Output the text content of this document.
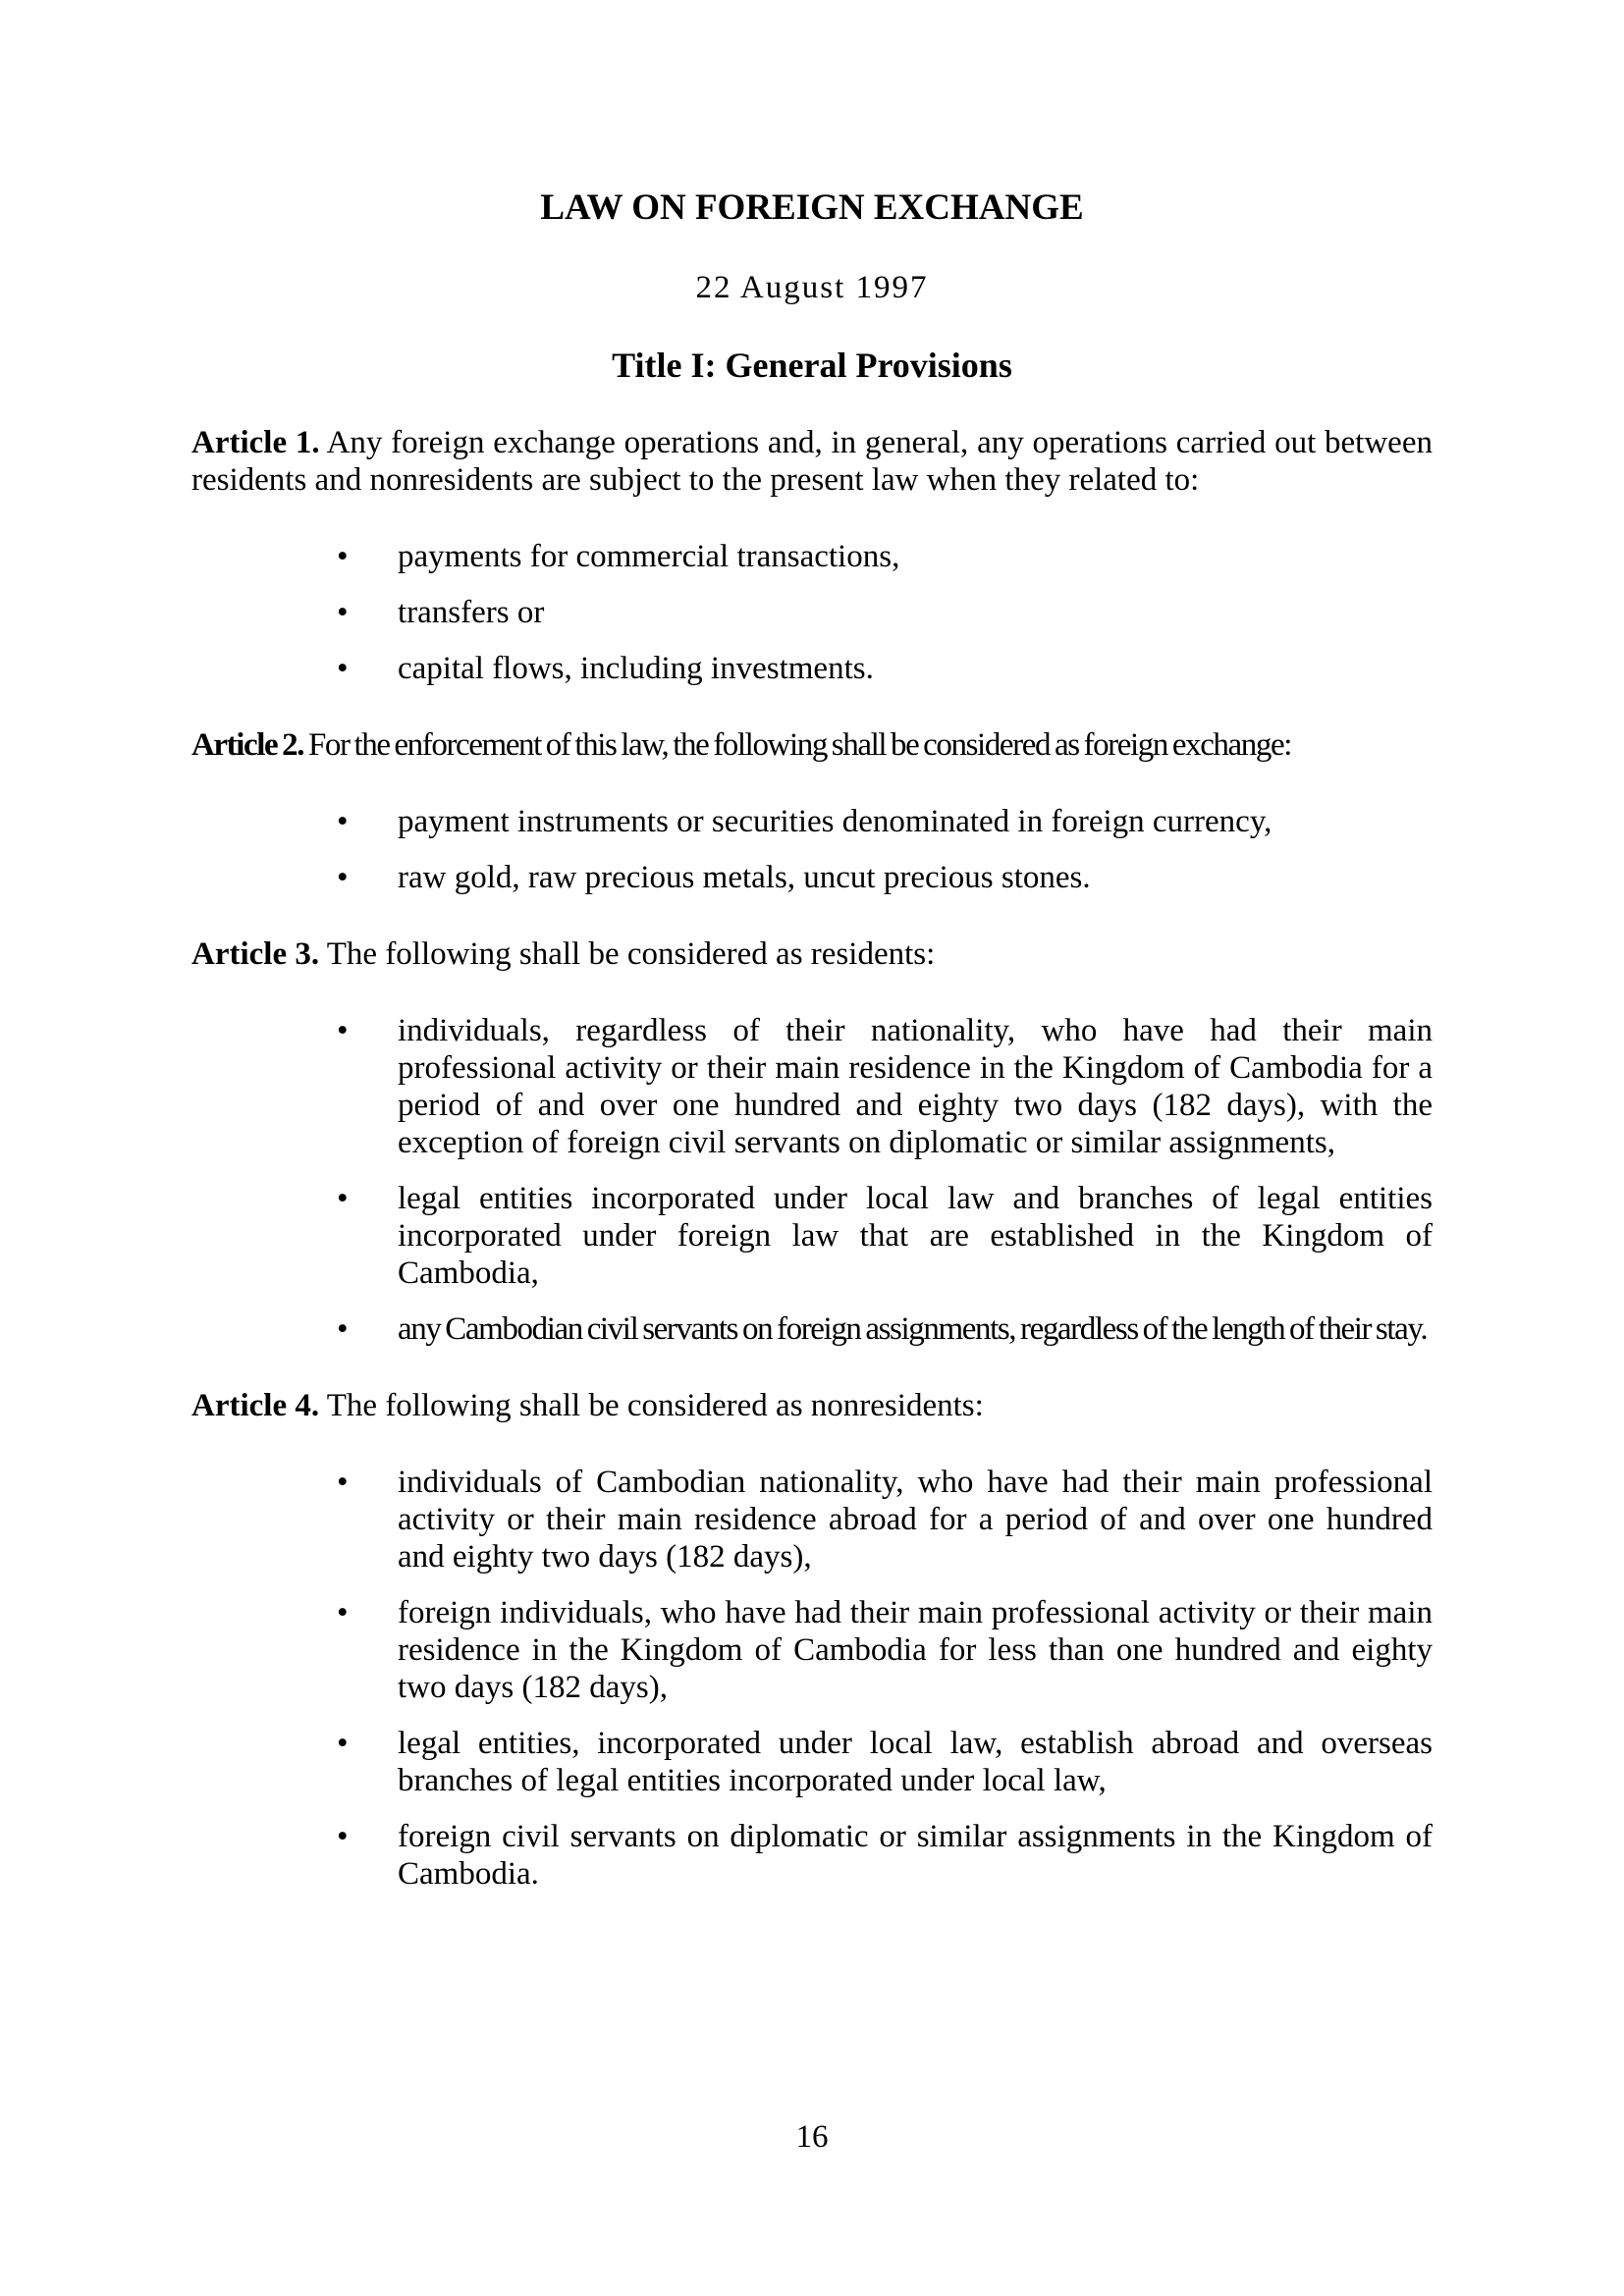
LAW ON FOREIGN EXCHANGE

22 August 1997

Title I: General Provisions

Article 1. Any foreign exchange operations and, in general, any operations carried out between residents and nonresidents are subject to the present law when they related to:

• payments for commercial transactions,
• transfers or
• capital flows, including investments.

Article 2. For the enforcement of this law, the following shall be considered as foreign exchange:

• payment instruments or securities denominated in foreign currency,
• raw gold, raw precious metals, uncut precious stones.

Article 3. The following shall be considered as residents:

• individuals, regardless of their nationality, who have had their main professional activity or their main residence in the Kingdom of Cambodia for a period of and over one hundred and eighty two days (182 days), with the exception of foreign civil servants on diplomatic or similar assignments,
• legal entities incorporated under local law and branches of legal entities incorporated under foreign law that are established in the Kingdom of Cambodia,
• any Cambodian civil servants on foreign assignments, regardless of the length of their stay.

Article 4. The following shall be considered as nonresidents:

• individuals of Cambodian nationality, who have had their main professional activity or their main residence abroad for a period of and over one hundred and eighty two days (182 days),
• foreign individuals, who have had their main professional activity or their main residence in the Kingdom of Cambodia for less than one hundred and eighty two days (182 days),
• legal entities, incorporated under local law, establish abroad and overseas branches of legal entities incorporated under local law,
• foreign civil servants on diplomatic or similar assignments in the Kingdom of Cambodia.
16
